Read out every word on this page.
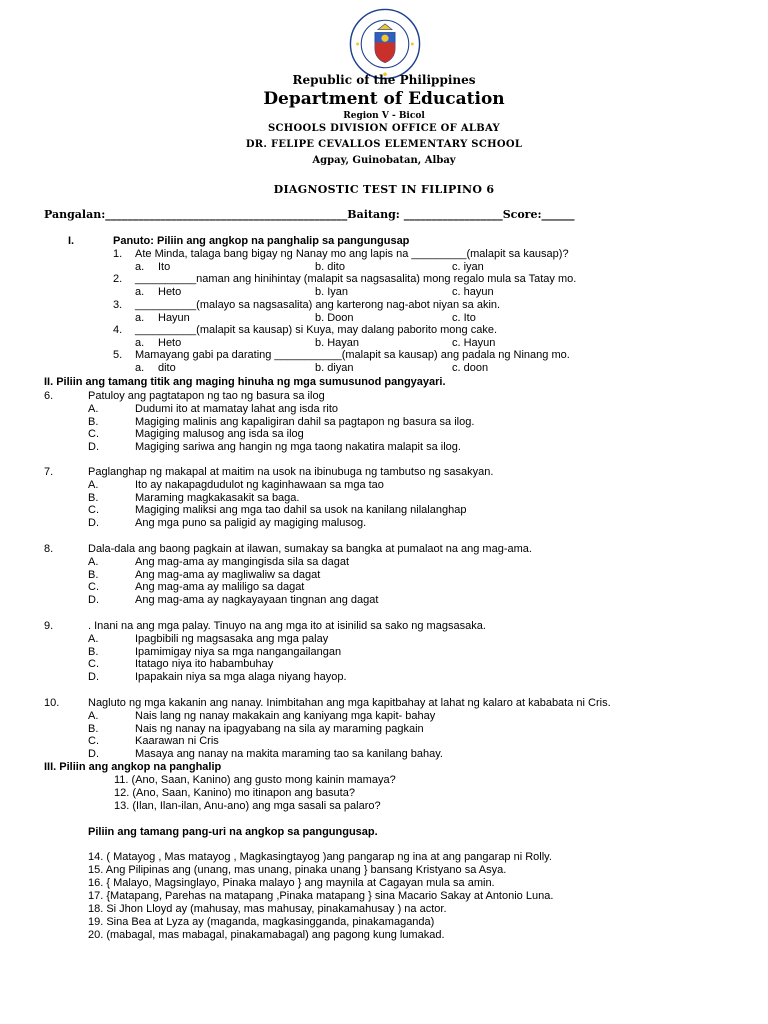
Republic of the Philippines
Department of Education
Region V - Bicol
SCHOOLS DIVISION OFFICE OF ALBAY
DR. FELIPE CEVALLOS ELEMENTARY SCHOOL
Agpay, Guinobatan, Albay
DIAGNOSTIC TEST IN FILIPINO 6
Pangalan:____________________________________________Baitang: __________________Score:______
I.	Panuto: Piliin ang angkop na panghalip sa pangungusap
1. Ate Minda, talaga bang bigay ng Nanay mo ang lapis na _________(malapit sa kausap)?
a. Ito	b. dito	c. iyan
2. __________naman ang hinihintay (malapit sa nagsasalita) mong regalo mula sa Tatay mo.
a. Heto	b. Iyan	c. hayun
3. __________(malayo sa nagsasalita) ang karterong nag-abot niyan sa akin.
a. Hayun	b. Doon	c. Ito
4. __________(malapit sa kausap) si Kuya, may dalang paborito mong cake.
a. Heto	b. Hayan	c. Hayun
5. Mamayang gabi pa darating ___________(malapit sa kausap) ang padala ng Ninang mo.
a. dito	b. diyan	c. doon
II. Piliin ang tamang titik ang maging hinuha ng mga sumusunod pangyayari.
6.	Patuloy ang pagtatapon ng tao ng basura sa ilog
A.	Dudumi ito at mamatay lahat ang isda rito
B.	Magiging malinis ang kapaligiran dahil sa pagtapon ng basura sa ilog.
C.	Magiging malusog ang isda sa ilog
D.	Magiging sariwa ang hangin ng mga taong nakatira malapit sa ilog.
7.	Paglanghap ng makapal at maitim na usok na ibinubuga ng tambutso ng sasakyan.
A.	Ito ay nakapagdudulot ng kaginhawaan sa mga tao
B.	Maraming magkakasakit sa baga.
C.	Magiging maliksi ang mga tao dahil sa usok na kanilang nilalanghap
D.	Ang mga puno sa paligid ay magiging malusog.
8.	Dala-dala ang baong pagkain at ilawan, sumakay sa bangka at pumalaot na ang mag-ama.
A.	Ang mag-ama ay mangingisda sila sa dagat
B.	Ang mag-ama ay magliwaliw sa dagat
C.	Ang mag-ama ay maliligo sa dagat
D.	Ang mag-ama ay nagkayayaan tingnan ang dagat
9.	. Inani na ang mga palay. Tinuyo na ang mga ito at isinilid sa sako ng magsasaka.
A.	Ipagbibili ng magsasaka ang mga palay
B.	Ipamimigay niya sa mga nangangailangan
C.	Itatago niya ito habambuhay
D.	Ipapakain niya sa mga alaga niyang hayop.
10.	Nagluto ng mga kakanin ang nanay. Inimbitahan ang mga kapitbahay at lahat ng kalaro at kababata ni Cris.
A.	Nais lang ng nanay makakain ang kaniyang mga kapit- bahay
B.	Nais ng nanay na ipagyabang na sila ay maraming pagkain
C.	Kaarawan ni Cris
D.	Masaya ang nanay na makita maraming tao sa kanilang bahay.
III. Piliin ang angkop na panghalip
11. (Ano, Saan, Kanino) ang gusto mong kainin mamaya?
12. (Ano, Saan, Kanino) mo itinapon ang basuta?
13. (Ilan, Ilan-ilan, Anu-ano) ang mga sasali sa palaro?
Piliin ang tamang pang-uri na angkop sa pangungusap.
14. ( Matayog , Mas matayog , Magkasingtayog )ang pangarap ng ina at ang pangarap ni Rolly.
15. Ang Pilipinas ang (unang, mas unang, pinaka unang } bansang Kristyano sa Asya.
16. { Malayo, Magsinglayo, Pinaka malayo } ang maynila at Cagayan mula sa amin.
17. {Matapang, Parehas na matapang ,Pinaka matapang } sina Macario Sakay at Antonio Luna.
18. Si Jhon Lloyd ay (mahusay, mas mahusay, pinakamahusay ) na actor.
19. Sina Bea at Lyza ay (maganda, magkasingganda, pinakamaganda)
20. (mabagal, mas mabagal, pinakamabagal) ang pagong kung lumakad.
